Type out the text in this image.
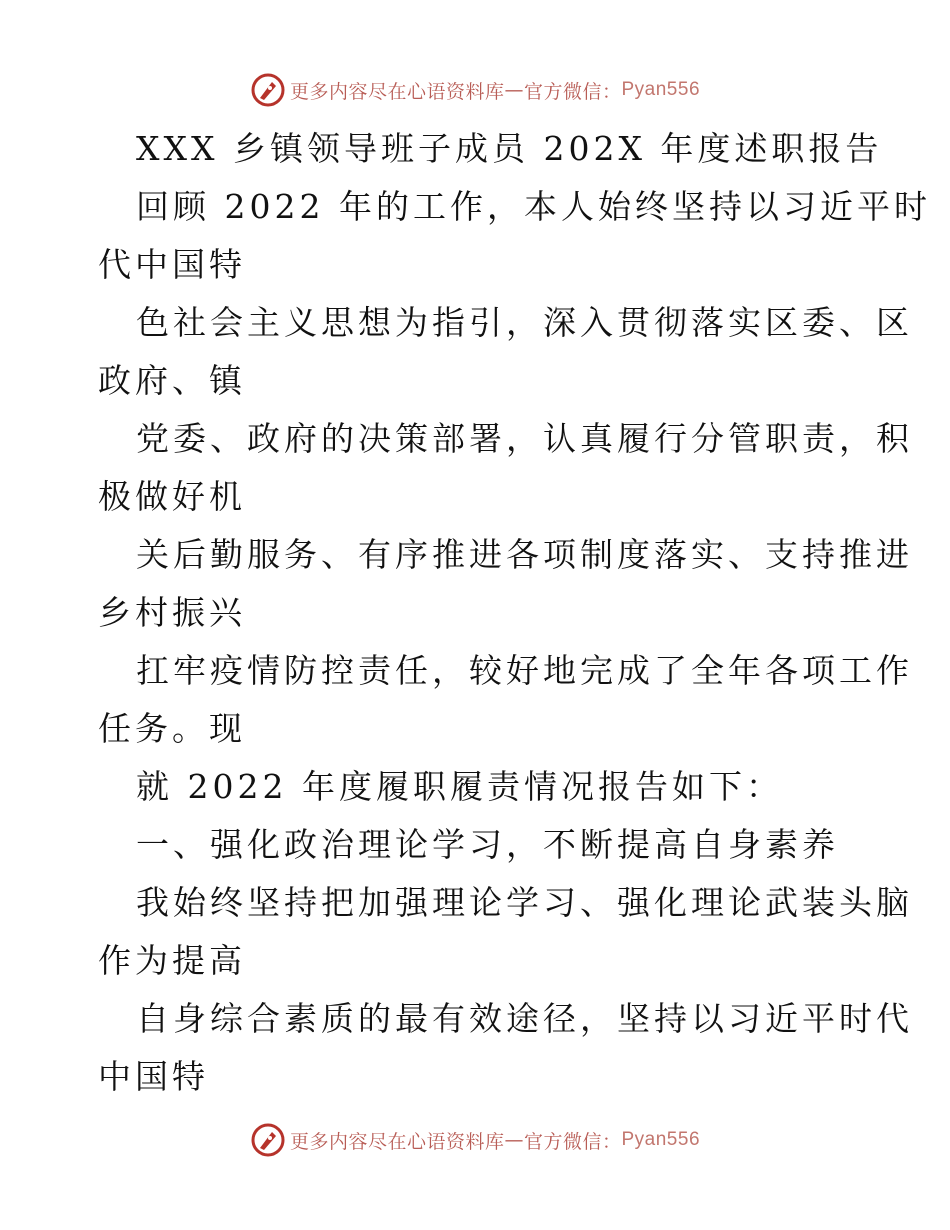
更多内容尽在心语资料库 — 官方微信： Pyan556
XXX 乡镇领导班子成员 202X 年度述职报告
回顾 2022 年的工作，本人始终坚持以习近平时
代中国特
色社会主义思想为指引，深入贯彻落实区委、区
政府、镇
党委、政府的决策部署，认真履行分管职责，积
极做好机
关后勤服务、有序推进各项制度落实、支持推进
乡村振兴
扛牢疫情防控责任，较好地完成了全年各项工作
任务。现
就 2022 年度履职履责情况报告如下：
一、强化政治理论学习，不断提高自身素养
我始终坚持把加强理论学习、强化理论武装头脑
作为提高
自身综合素质的最有效途径，坚持以习近平时代
中国特
更多内容尽在心语资料库 — 官方微信： Pyan556
